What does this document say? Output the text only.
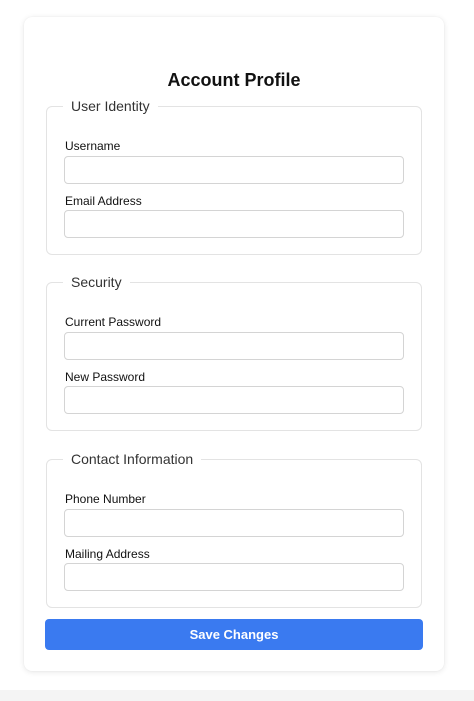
Account Profile
User Identity
Username
Email Address
Security
Current Password
New Password
Contact Information
Phone Number
Mailing Address
Save Changes
